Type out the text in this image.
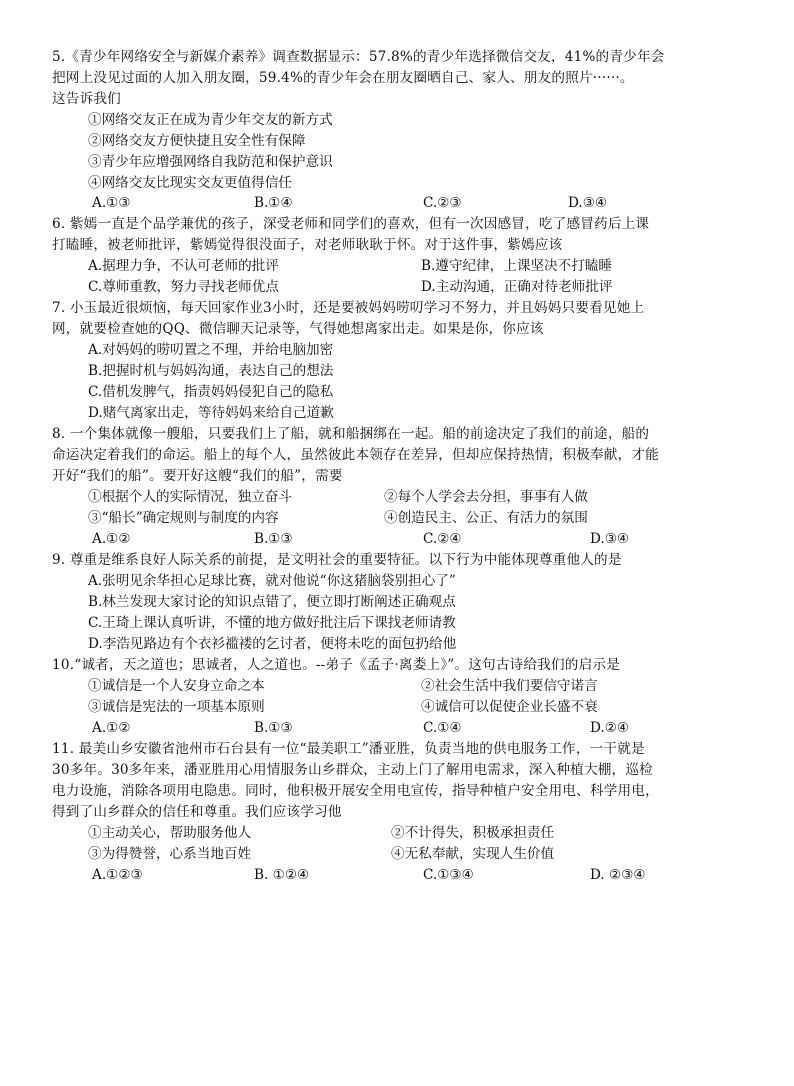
5.《青少年网络安全与新媒介素养》调查数据显示：57.8%的青少年选择微信交友，41%的青少年会
把网上没见过面的人加入朋友圈，59.4%的青少年会在朋友圈晒自己、家人、朋友的照片······。
这告诉我们
①网络交友正在成为青少年交友的新方式
②网络交友方便快捷且安全性有保障
③青少年应增强网络自我防范和保护意识
④网络交友比现实交友更值得信任
A.①③	B.①④	C.②③	D.③④
6. 紫嫣一直是个品学兼优的孩子，深受老师和同学们的喜欢，但有一次因感冒，吃了感冒药后上课
打瞌睡，被老师批评，紫嫣觉得很没面子，对老师耿耿于怀。对于这件事，紫嫣应该
A.据理力争，不认可老师的批评	B.遵守纪律，上课坚决不打瞌睡
C.尊师重教，努力寻找老师优点	D.主动沟通，正确对待老师批评
7. 小玉最近很烦恼，每天回家作业3小时，还是要被妈妈唠叨学习不努力，并且妈妈只要看见她上
网，就要检查她的QQ、微信聊天记录等，气得她想离家出走。如果是你，你应该
A.对妈妈的唠叨置之不理，并给电脑加密
B.把握时机与妈妈沟通，表达自己的想法
C.借机发脾气，指责妈妈侵犯自己的隐私
D.赌气离家出走，等待妈妈来给自己道歉
8. 一个集体就像一艘船，只要我们上了船，就和船捆绑在一起。船的前途决定了我们的前途，船的
命运决定着我们的命运。船上的每个人，虽然彼此本领存在差异，但却应保持热情，积极奉献，才能
开好“我们的船”。要开好这艘“我们的船”，需要
①根据个人的实际情况，独立奋斗	②每个人学会去分担，事事有人做
③“船长”确定规则与制度的内容	④创造民主、公正、有活力的氛围
A.①②	B.①③	C.②④	D.③④
9. 尊重是维系良好人际关系的前提，是文明社会的重要特征。以下行为中能体现尊重他人的是
A.张明见余华担心足球比赛，就对他说“你这猪脑袋别担心了”
B.林兰发现大家讨论的知识点错了，便立即打断阐述正确观点
C.王琦上课认真听讲，不懂的地方做好批注后下课找老师请教
D.李浩见路边有个衣衫褴褛的乞讨者，便将未吃的面包扔给他
10.“诚者，天之道也；思诚者，人之道也。--弟子《孟子·离娄上》”。这句古诗给我们的启示是
①诚信是一个人安身立命之本	②社会生活中我们要信守诺言
③诚信是宪法的一项基本原则	④诚信可以促使企业长盛不衰
A.①②	B.①③	C.①④	D.②④
11. 最美山乡安徽省池州市石台县有一位“最美职工”潘亚胜，负责当地的供电服务工作，一干就是
30多年。30多年来，潘亚胜用心用情服务山乡群众，主动上门了解用电需求，深入种植大棚，巡检
电力设施，消除各项用电隐患。同时，他积极开展安全用电宣传，指导种植户安全用电、科学用电，
得到了山乡群众的信任和尊重。我们应该学习他
①主动关心，帮助服务他人	②不计得失，积极承担责任
③为得赞誉，心系当地百姓	④无私奉献，实现人生价值
A.①②③	B. ①②④	C.①③④	D. ②③④
